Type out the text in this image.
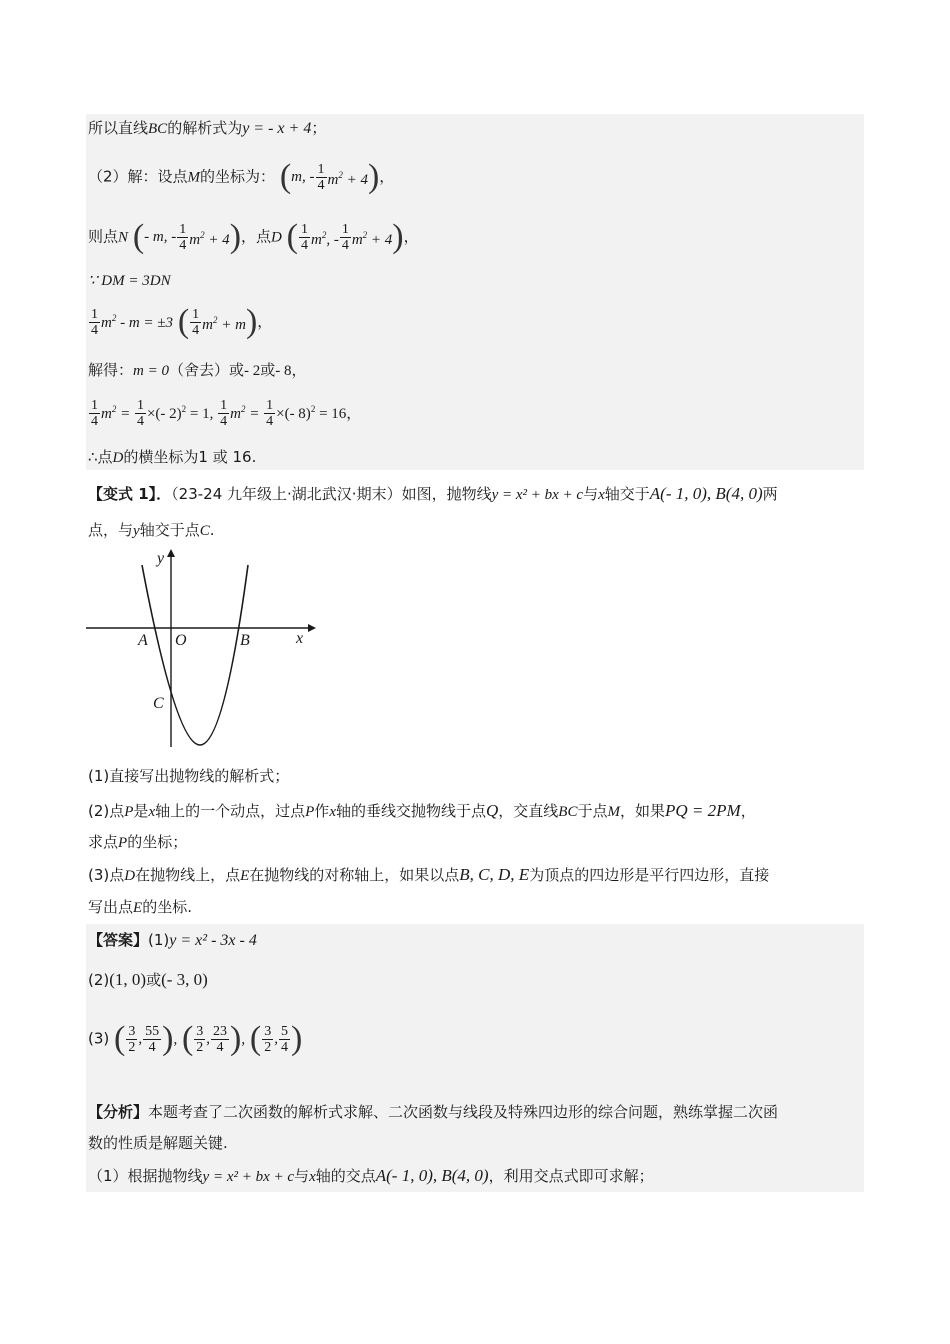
所以直线BC的解析式为y = - x + 4；
（2）解：设点M的坐标为： ( m, - $\frac{1}{4} m^2 + 4$ ) ，
则点N ( - m, - $\frac{1}{4} m^2 + 4$ ) ，点D ( $\frac{1}{4} m^2$, - $\frac{1}{4} m^2 + 4$ ) ，
∵ DM = 3DN
$\frac{1}{4} m^2 - m = \pm 3$ ( $\frac{1}{4} m^2 + m$ ) ，
解得：m = 0（舍去）或- 2或- 8，
$\frac{1}{4} m^2 = \frac{1}{4}$ ×(- 2)$^2$ = 1, $\frac{1}{4} m^2 = \frac{1}{4}$ ×(- 8)$^2$ = 16，
∴点D的横坐标为1 或 16.
【变式 1】．（23-24 九年级上·湖北武汉·期末）如图，抛物线y = x² + bx + c与x轴交于A(- 1, 0), B(4, 0)两
点，与y轴交于点C.
y
x
A O	B
C
(1)直接写出抛物线的解析式；
(2)点P是x轴上的一个动点，过点P作x轴的垂线交抛物线于点Q，交直线BC于点M，如果PQ = 2PM，
求点P的坐标；
(3)点D在抛物线上，点E在抛物线的对称轴上，如果以点B, C, D, E为顶点的四边形是平行四边形，直接
写出点E的坐标.
【答案】(1)y = x² - 3x - 4
(2)(1, 0)或(- 3, 0)
(3) ( $\frac{3}{2}$ , $\frac{55}{4}$ ) , ( $\frac{3}{2}$ , $\frac{23}{4}$ ) , ( $\frac{3}{2}$ , $\frac{5}{4}$ )
【分析】本题考查了二次函数的解析式求解、二次函数与线段及特殊四边形的综合问题，熟练掌握二次函
数的性质是解题关键.
（1）根据抛物线y = x² + bx + c与x轴的交点A(- 1, 0), B(4, 0)，利用交点式即可求解；
